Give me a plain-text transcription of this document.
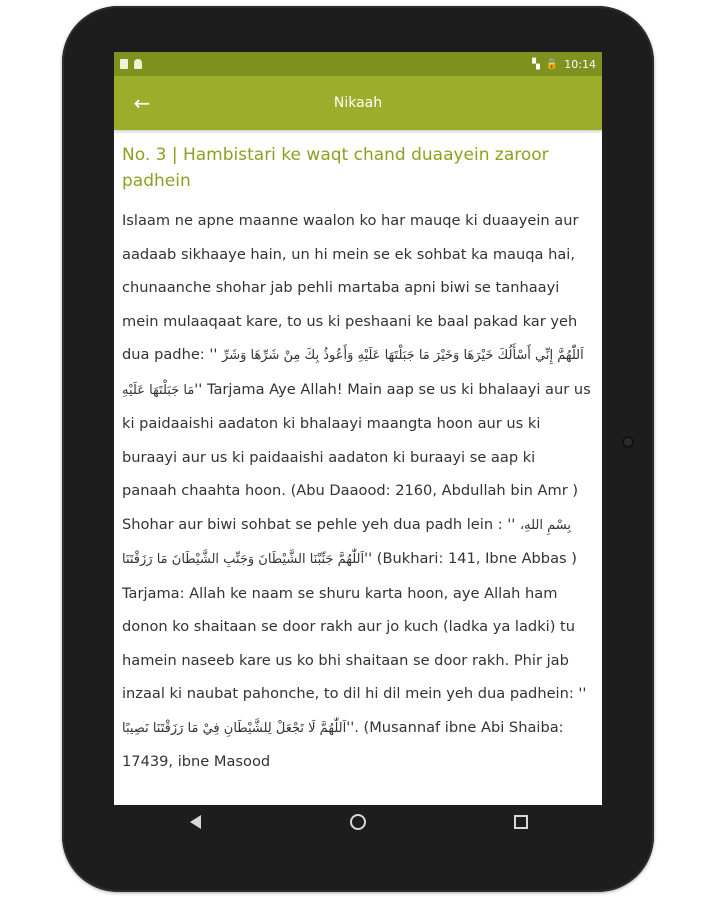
▚ 🔒 10:14
←	Nikaah
No. 3 | Hambistari ke waqt chand duaayein zaroor padhein

Islaam ne apne maanne waalon ko har mauqe ki duaayein aur aadaab sikhaaye hain, un hi mein se ek sohbat ka mauqa hai, chunaanche shohar jab pehli martaba apni biwi se tanhaayi mein mulaaqaat kare, to us ki peshaani ke baal pakad kar yeh dua padhe: '' اَللّٰهُمَّ إِنِّي أَسْأَلُكَ خَيْرَهَا وَخَيْرَ مَا جَبَلْتَهَا عَلَيْهِ وَأَعُوذُ بِكَ مِنْ شَرِّهَا وَشَرِّ مَا جَبَلْتَهَا عَلَيْهِ'' Tarjama Aye Allah! Main aap se us ki bhalaayi aur us ki paidaaishi aadaton ki bhalaayi maangta hoon aur us ki buraayi aur us ki paidaaishi aadaton ki buraayi se aap ki panaah chaahta hoon. (Abu Daaood: 2160, Abdullah bin Amr ) Shohar aur biwi sohbat se pehle yeh dua padh lein : '' بِسْمِ اللهِ، اَللّٰهُمَّ جَنِّبْنَا الشَّيْطَانَ وَجَنِّبِ الشَّيْطَانَ مَا رَزَقْتَنَا'' (Bukhari: 141, Ibne Abbas ) Tarjama: Allah ke naam se shuru karta hoon, aye Allah ham donon ko shaitaan se door rakh aur jo kuch (ladka ya ladki) tu hamein naseeb kare us ko bhi shaitaan se door rakh. Phir jab inzaal ki naubat pahonche, to dil hi dil mein yeh dua padhein: '' اَللّٰهُمَّ لَا تَجْعَلْ لِلشَّيْطَانِ فِيْ مَا رَزَقْتَنَا نَصِيبًا''. (Musannaf ibne Abi Shaiba: 17439, ibne Masood
